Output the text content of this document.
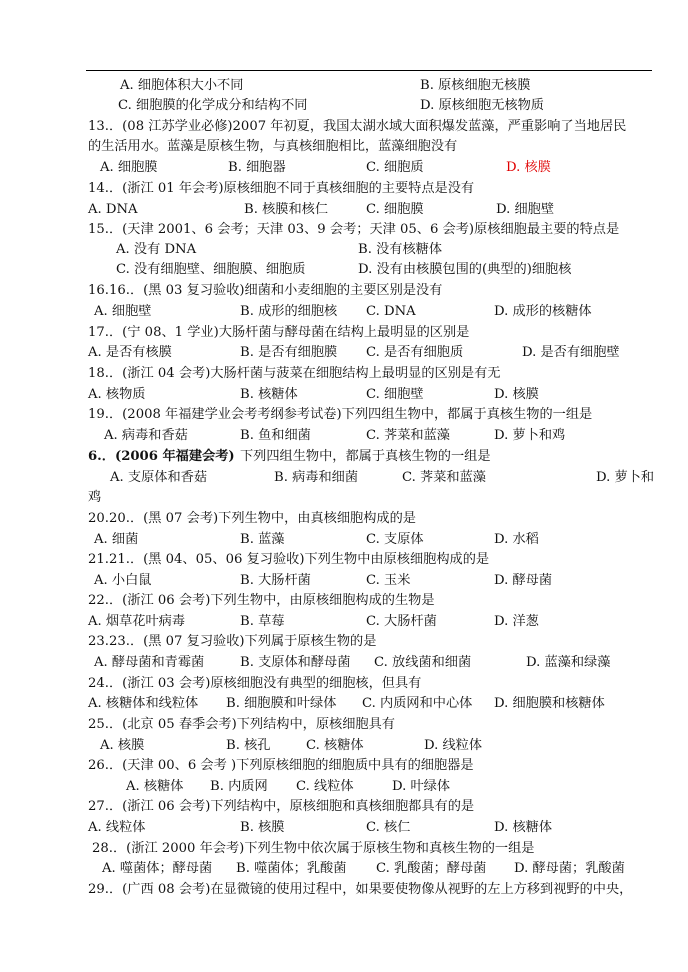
A. 细胞体积大小不同	B. 原核细胞无核膜
C. 细胞膜的化学成分和结构不同	D. 原核细胞无核物质
13.．(08 江苏学业必修)2007 年初夏，我国太湖水域大面积爆发蓝藻，严重影响了当地居民
的生活用水。蓝藻是原核生物，与真核细胞相比，蓝藻细胞没有
A. 细胞膜	B. 细胞器	C. 细胞质	D. 核膜
14.．(浙江 01 年会考)原核细胞不同于真核细胞的主要特点是没有
A. DNA	B. 核膜和核仁	C. 细胞膜	D. 细胞壁
15.．(天津 2001、6 会考；天津 03、9 会考；天津 05、6 会考)原核细胞最主要的特点是
A. 没有 DNA	B. 没有核糖体
C. 没有细胞壁、细胞膜、细胞质	D. 没有由核膜包围的(典型的)细胞核
16.16.．(黑 03 复习验收)细菌和小麦细胞的主要区别是没有
A. 细胞壁	B. 成形的细胞核 C. DNA	D. 成形的核糖体
17.．(宁 08、1 学业)大肠杆菌与酵母菌在结构上最明显的区别是
A. 是否有核膜	B. 是否有细胞膜 C. 是否有细胞质	D. 是否有细胞壁
18.．(浙江 04 会考)大肠杆菌与菠菜在细胞结构上最明显的区别是有无
A. 核物质	B. 核糖体	C. 细胞壁	D. 核膜
19.．(2008 年福建学业会考考纲参考试卷)下列四组生物中，都属于真核生物的一组是
A. 病毒和香菇	B. 鱼和细菌	C. 荠菜和蓝藻	D. 萝卜和鸡
6.．(2006 年福建会考) 下列四组生物中，都属于真核生物的一组是
A. 支原体和香菇	B. 病毒和细菌	C. 荠菜和蓝藻	D. 萝卜和
鸡
20.20.．(黑 07 会考)下列生物中，由真核细胞构成的是
A. 细菌	B. 蓝藻	C. 支原体	D. 水稻
21.21.．(黑 04、05、06 复习验收)下列生物中由原核细胞构成的是
A. 小白鼠	B. 大肠杆菌	C. 玉米	D. 酵母菌
22.．(浙江 06 会考)下列生物中，由原核细胞构成的生物是
A. 烟草花叶病毒	B. 草莓	C. 大肠杆菌	D. 洋葱
23.23.．(黑 07 复习验收)下列属于原核生物的是
A. 酵母菌和青霉菌	B. 支原体和酵母菌 C. 放线菌和细菌	D. 蓝藻和绿藻
24.．(浙江 03 会考)原核细胞没有典型的细胞核，但具有
A. 核糖体和线粒体 B. 细胞膜和叶绿体 C. 内质网和中心体 D. 细胞膜和核糖体
25.．(北京 05 春季会考)下列结构中，原核细胞具有
A. 核膜	B. 核孔	C. 核糖体	D. 线粒体
26.．(天津 00、6 会考 )下列原核细胞的细胞质中具有的细胞器是
A. 核糖体 B. 内质网 C. 线粒体	D. 叶绿体
27.．(浙江 06 会考)下列结构中，原核细胞和真核细胞都具有的是
A. 线粒体	B. 核膜	C. 核仁	D. 核糖体
28.．(浙江 2000 年会考)下列生物中依次属于原核生物和真核生物的一组是
A. 噬菌体；酵母菌 B. 噬菌体；乳酸菌 C. 乳酸菌；酵母菌 D. 酵母菌；乳酸菌
29.．(广西 08 会考)在显微镜的使用过程中，如果要使物像从视野的左上方移到视野的中央，
